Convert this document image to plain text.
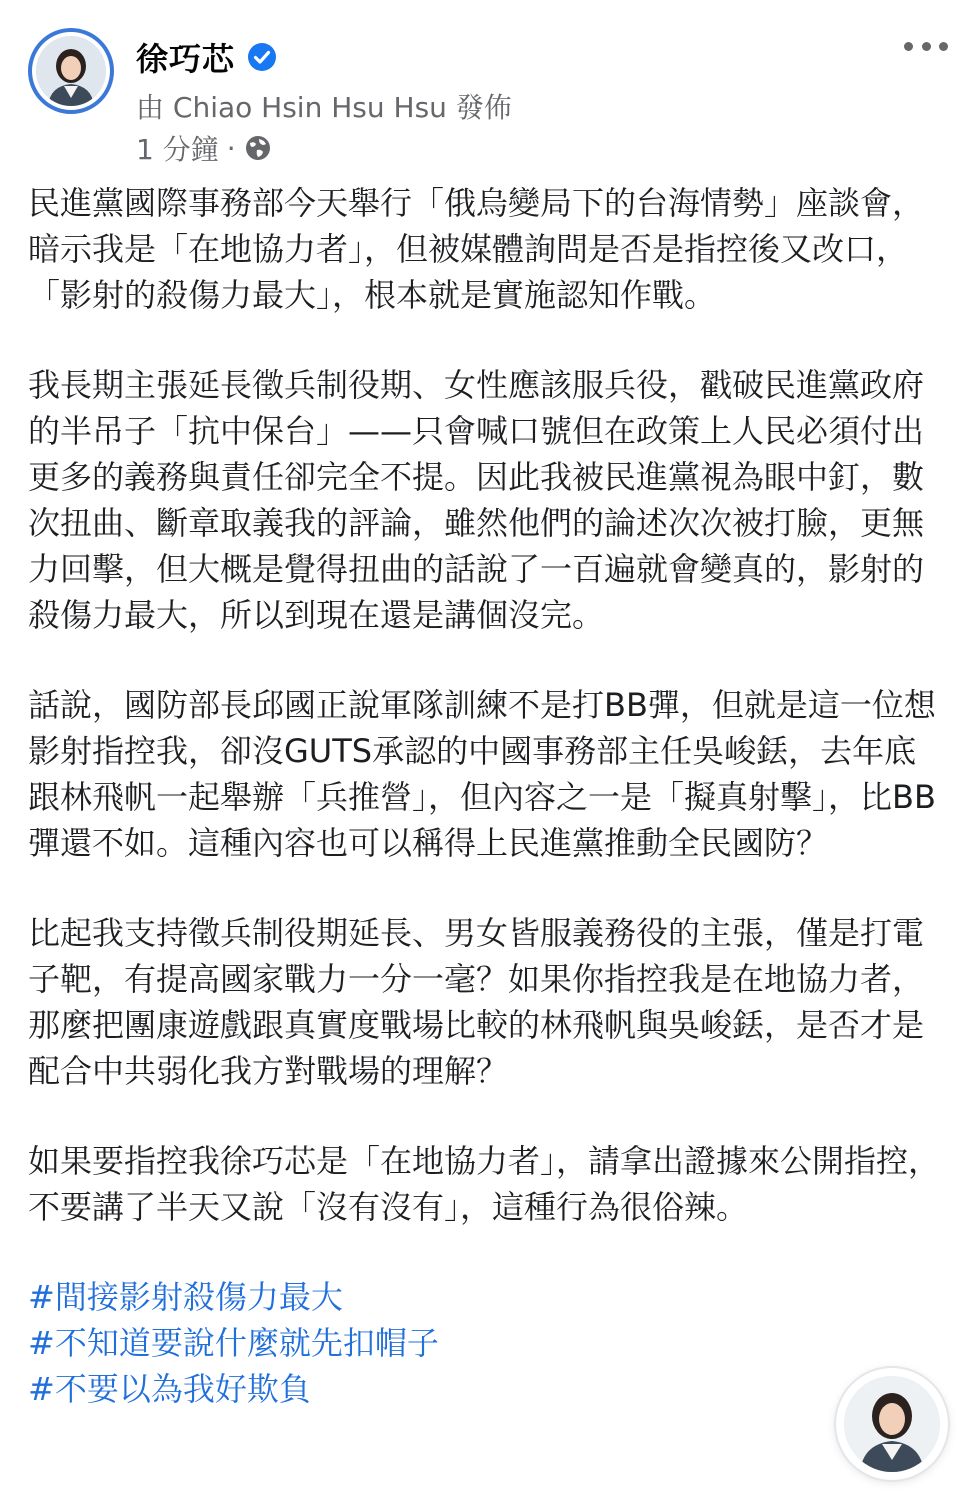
徐巧芯
由 Chiao Hsin Hsu Hsu 發佈
1 分鐘 ·

民進黨國際事務部今天舉行「俄烏變局下的台海情勢」座談會，暗示我是「在地協力者」，但被媒體詢問是否是指控後又改口，「影射的殺傷力最大」，根本就是實施認知作戰。

我長期主張延長徵兵制役期、女性應該服兵役，戳破民進黨政府的半吊子「抗中保台」——只會喊口號但在政策上人民必須付出更多的義務與責任卻完全不提。因此我被民進黨視為眼中釘，數次扭曲、斷章取義我的評論，雖然他們的論述次次被打臉，更無力回擊，但大概是覺得扭曲的話說了一百遍就會變真的，影射的殺傷力最大，所以到現在還是講個沒完。

話說，國防部長邱國正說軍隊訓練不是打BB彈，但就是這一位想影射指控我，卻沒GUTS承認的中國事務部主任吳峻銩，去年底跟林飛帆一起舉辦「兵推營」，但內容之一是「擬真射擊」，比BB彈還不如。這種內容也可以稱得上民進黨推動全民國防？

比起我支持徵兵制役期延長、男女皆服義務役的主張，僅是打電子靶，有提高國家戰力一分一毫？如果你指控我是在地協力者，那麼把團康遊戲跟真實度戰場比較的林飛帆與吳峻銩，是否才是配合中共弱化我方對戰場的理解？

如果要指控我徐巧芯是「在地協力者」，請拿出證據來公開指控，不要講了半天又說「沒有沒有」，這種行為很俗辣。

#間接影射殺傷力最大
#不知道要說什麼就先扣帽子
#不要以為我好欺負
